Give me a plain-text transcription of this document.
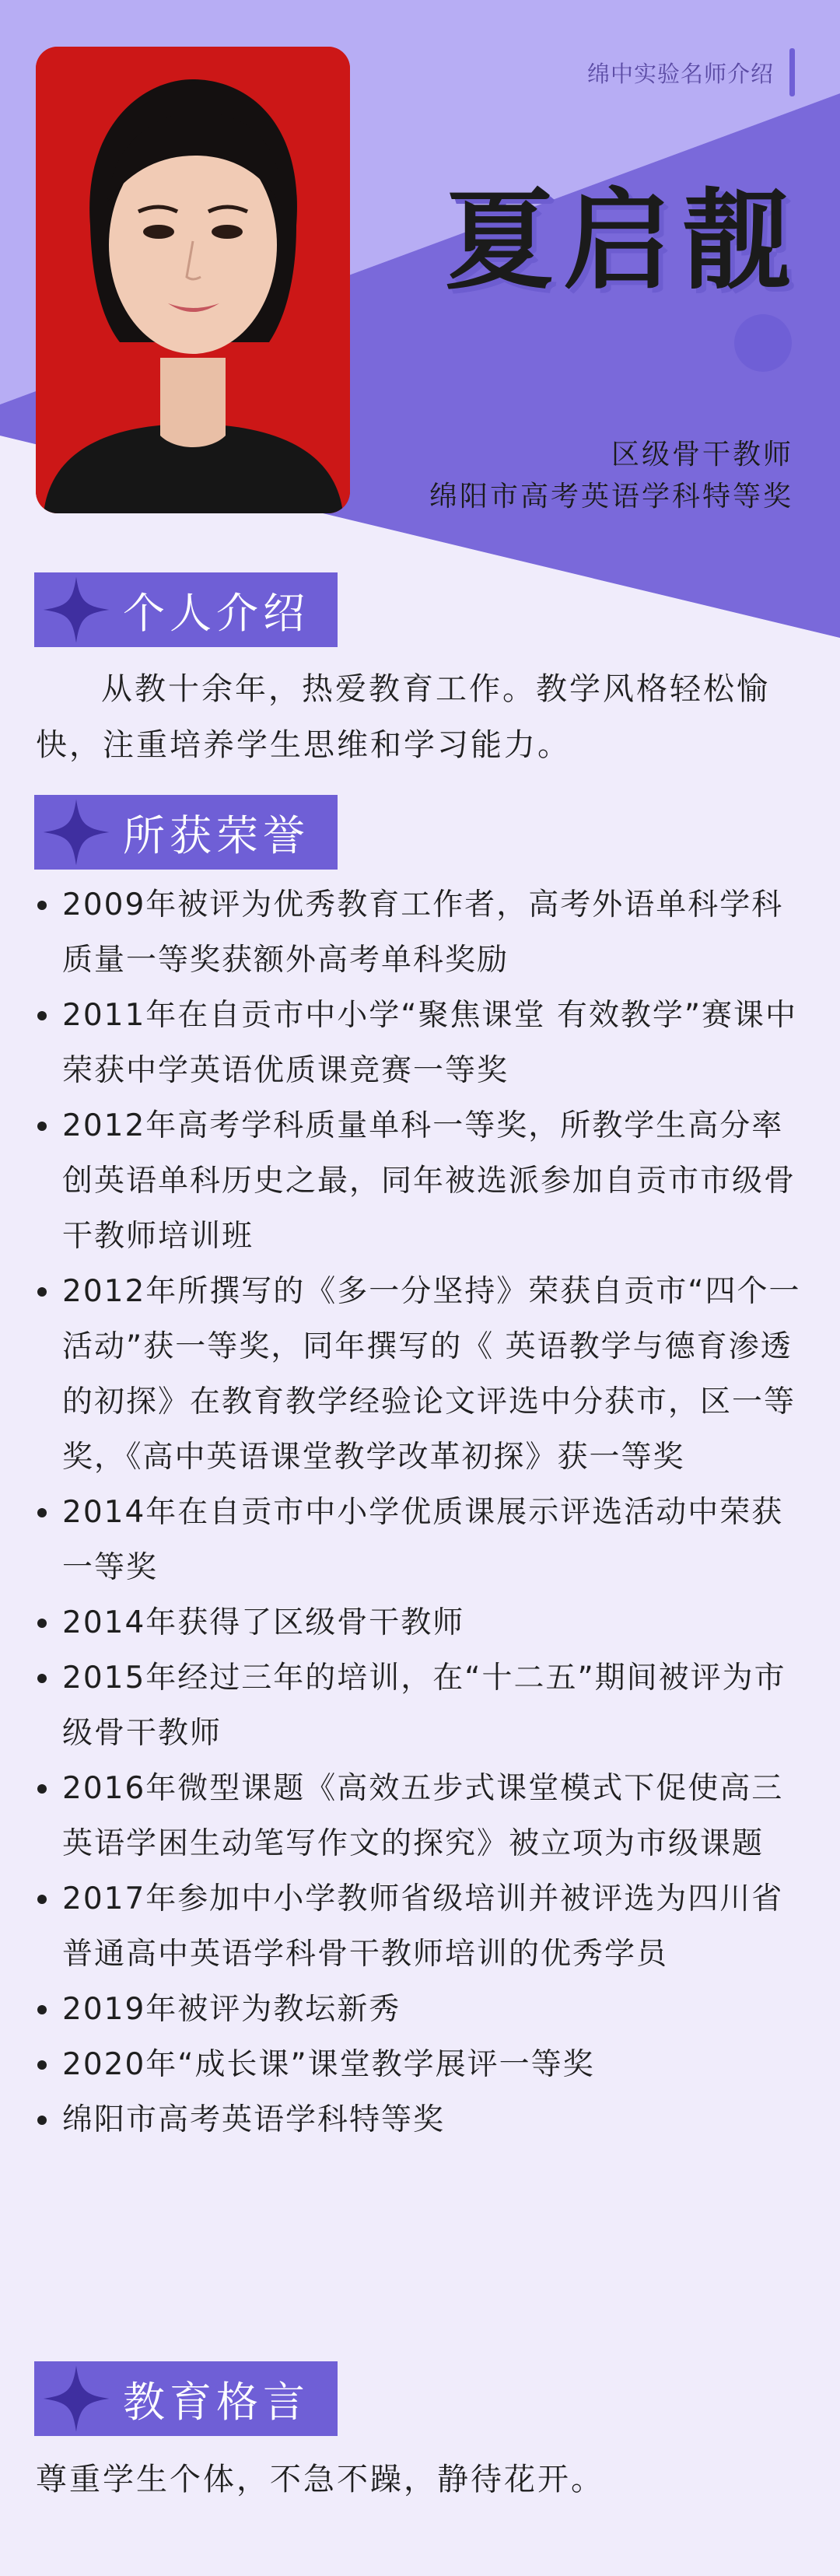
绵中实验名师介绍
夏启靓
区级骨干教师
绵阳市高考英语学科特等奖
个人介绍
从教十余年，热爱教育工作。教学风格轻松愉快，注重培养学生思维和学习能力。
所获荣誉
2009年被评为优秀教育工作者，高考外语单科学科质量一等奖获额外高考单科奖励
2011年在自贡市中小学“聚焦课堂 有效教学”赛课中荣获中学英语优质课竞赛一等奖
2012年高考学科质量单科一等奖，所教学生高分率创英语单科历史之最，同年被选派参加自贡市市级骨干教师培训班
2012年所撰写的《多一分坚持》荣获自贡市“四个一活动”获一等奖，同年撰写的《 英语教学与德育渗透的初探》在教育教学经验论文评选中分获市，区一等奖，《高中英语课堂教学改革初探》获一等奖
2014年在自贡市中小学优质课展示评选活动中荣获一等奖
2014年获得了区级骨干教师
2015年经过三年的培训，在“十二五”期间被评为市级骨干教师
2016年微型课题《高效五步式课堂模式下促使高三英语学困生动笔写作文的探究》被立项为市级课题
2017年参加中小学教师省级培训并被评选为四川省普通高中英语学科骨干教师培训的优秀学员
2019年被评为教坛新秀
2020年“成长课”课堂教学展评一等奖
绵阳市高考英语学科特等奖
教育格言
尊重学生个体，不急不躁，静待花开。
